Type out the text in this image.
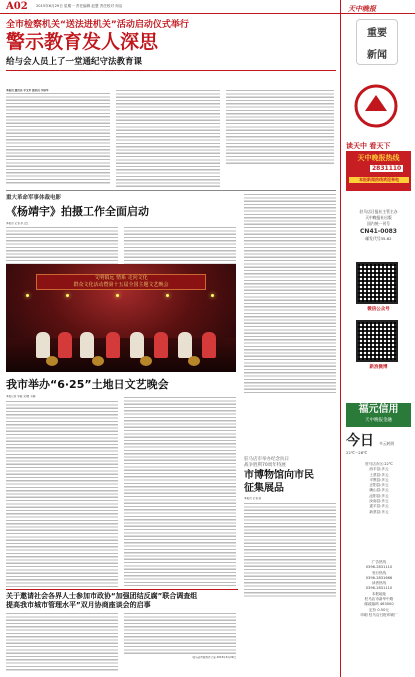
A02 2015年6月29日 星期一 责任编辑 赵慧 责任校对 何洁
全市检察机关“送法进机关”活动启动仪式举行
警示教育发人深思
给与会人员上了一堂通纪守法教育课
本报讯 通讯员 李文华 通讯员 李保华
重大革命军事体裁电影
《杨靖宇》拍摄工作全面启动
本报讯 记者 李卫红
文明镇远 情系 走向文化
群众文化活动暨第十五届全国主题文艺晚会
我市举办“6·25”土地日文艺晚会
本报记者 李丽 文/图 韦刚
驻马店市举办纪念抗日
战争胜利70周年特展
市博物馆向市民
征集展品
本报讯 记者 赵
关于邀请社会各界人士参加市政协“加强团结反腐”联合调查组
提高我市城市管理水平”双月协商座谈会的启事
驻马店市政协办公室 2015年6月29日
天中晚报
重要
新闻
读天中 看天下
天中晚报热线
2831110
本报新闻热线欢迎来电
驻马店日报社主管主办
天中晚报社出版
国内统一刊号
CN41-0083
邮发代号35-62
微信公众号
新浪微博
福元信用
天中晚报金融
今日 多云转阴
22℃~28℃
驻马店市区:22℃
西平县:多云
上蔡县:多云
平舆县:多云
正阳县:多云
确山县:多云
泌阳县:多云
汝南县:多云
遂平县:多云
新蔡县:多云
广告热线
0396-2831110
发行热线
0396-2831666
读者热线
0396-2831110
本报地址
驻马店市新华中路
邮政编码 463000
定价 0.50元
印刷 驻马店日报印刷厂
